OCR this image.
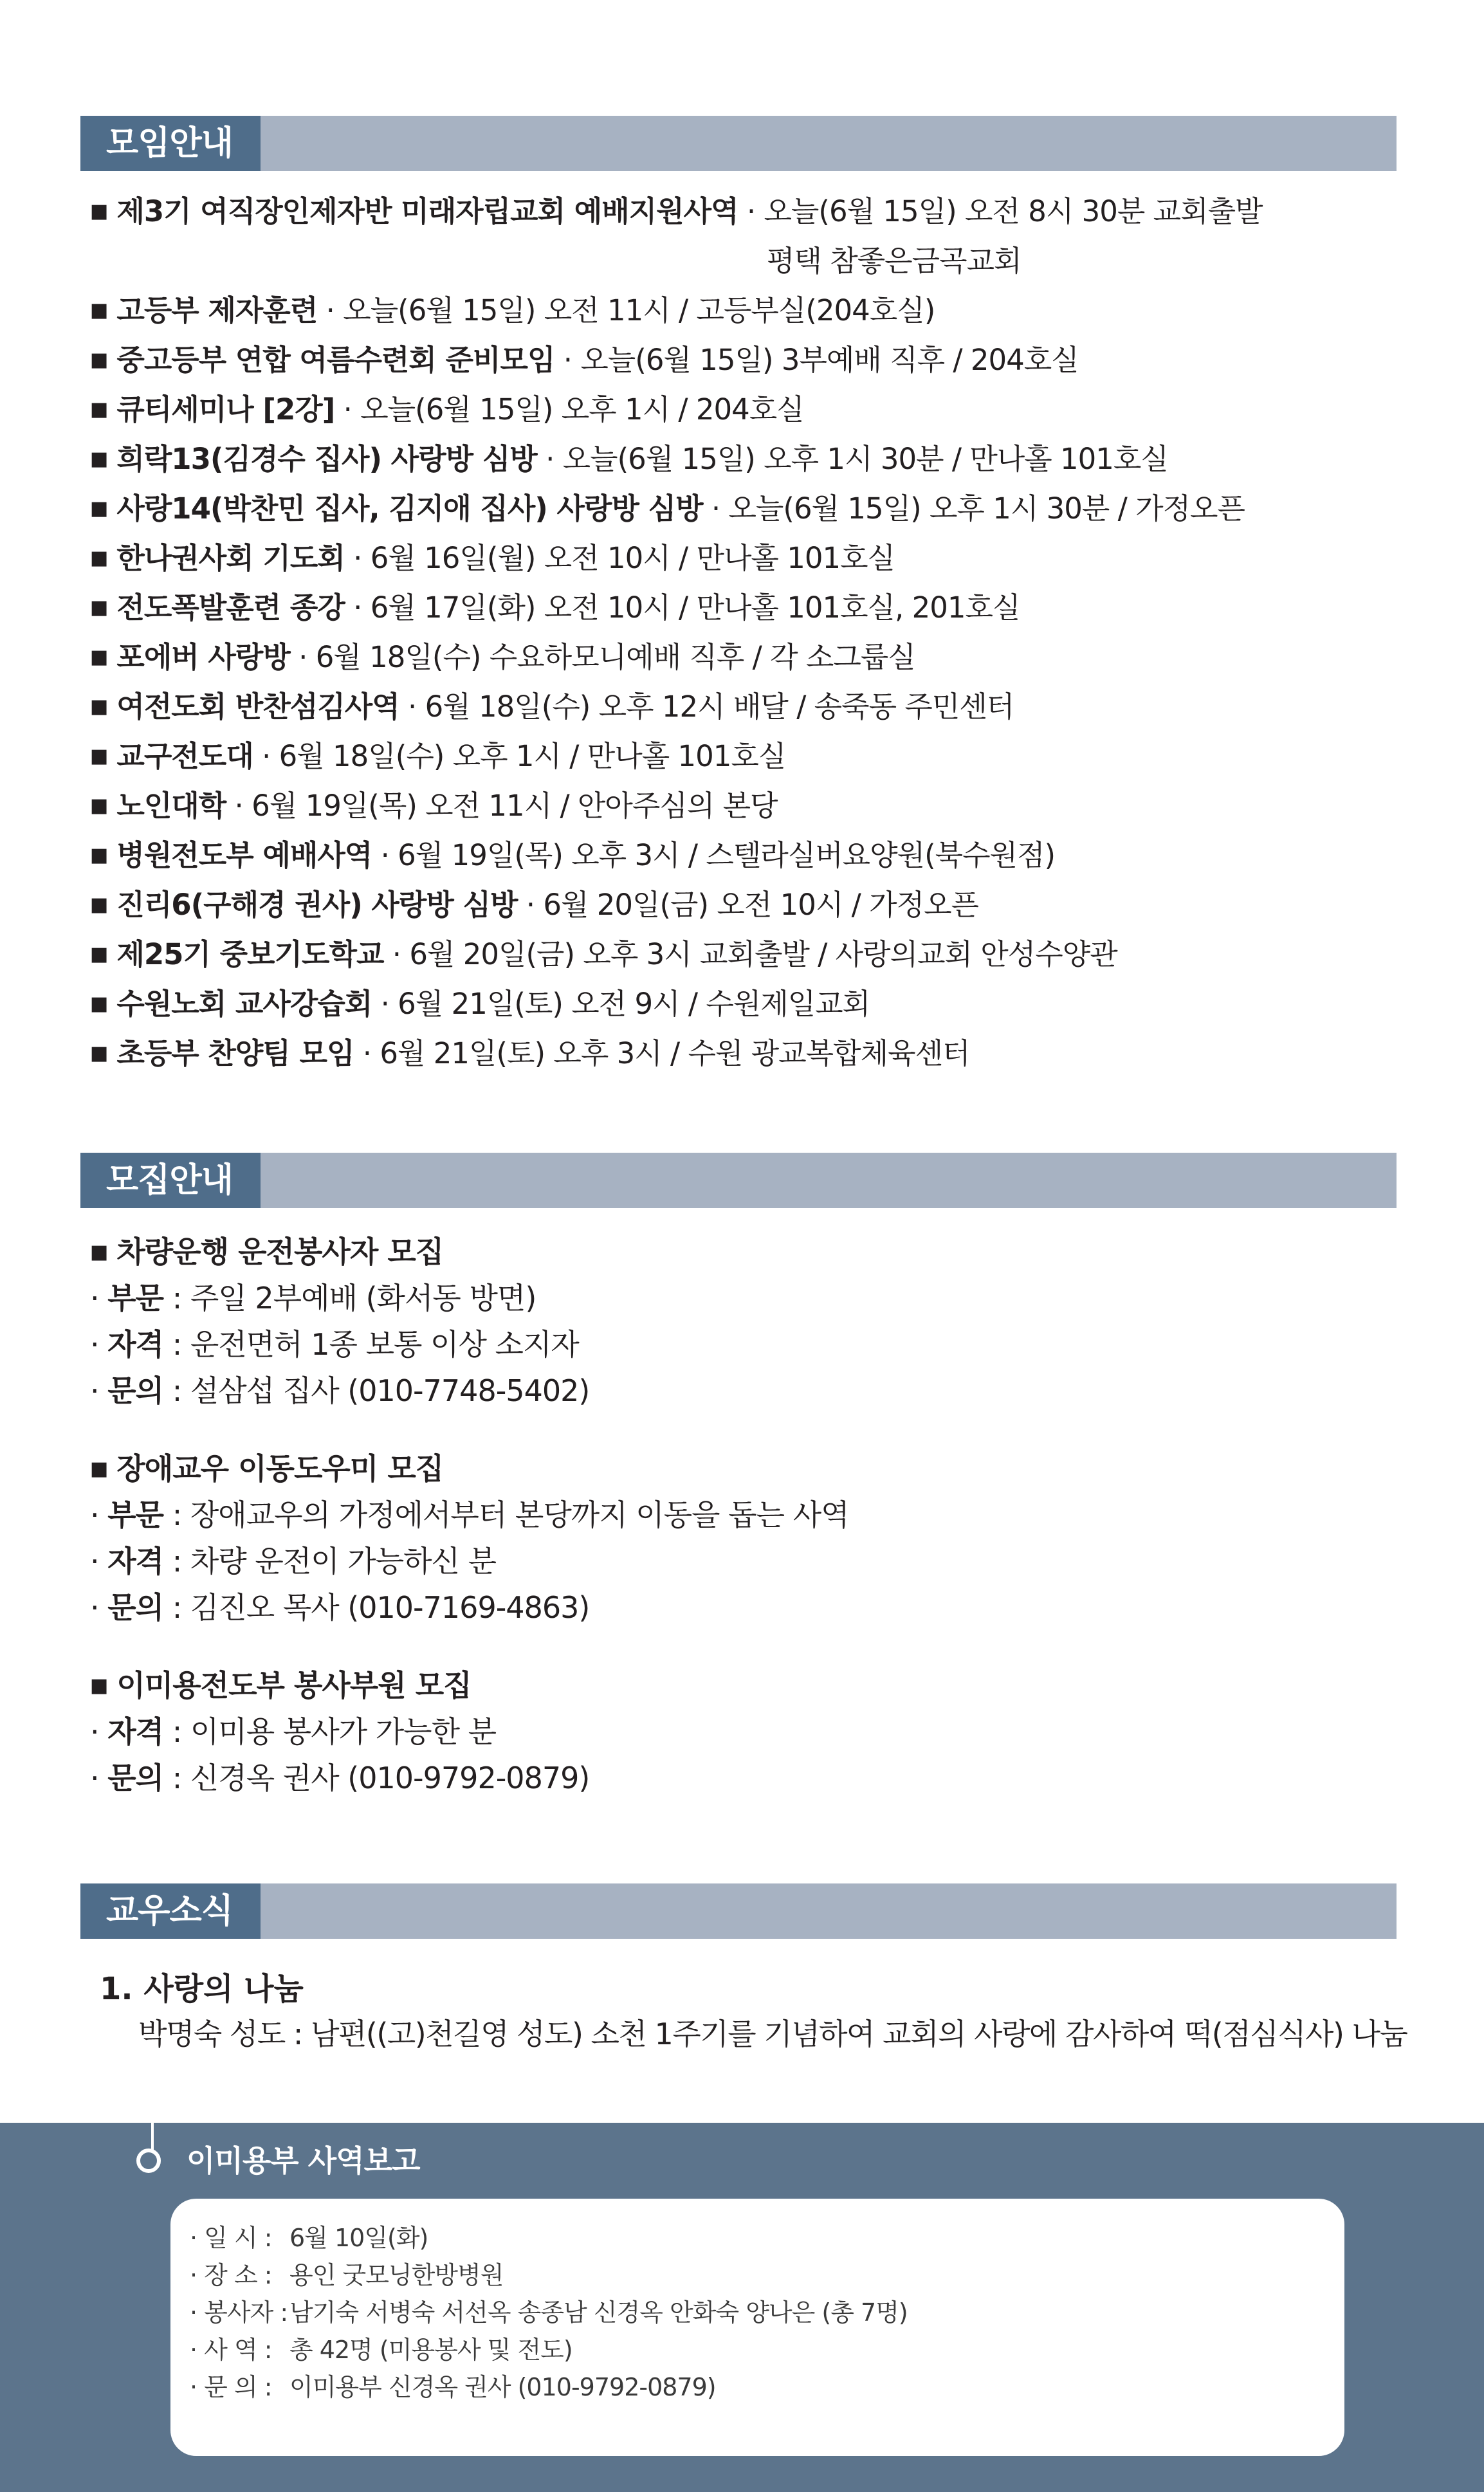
모임안내
■ 제3기 여직장인제자반 미래자립교회 예배지원사역 · 오늘(6월 15일) 오전 8시 30분 교회출발
평택 참좋은금곡교회
■ 고등부 제자훈련 · 오늘(6월 15일) 오전 11시 / 고등부실(204호실)
■ 중고등부 연합 여름수련회 준비모임 · 오늘(6월 15일) 3부예배 직후 / 204호실
■ 큐티세미나 [2강] · 오늘(6월 15일) 오후 1시 / 204호실
■ 희락13(김경수 집사) 사랑방 심방 · 오늘(6월 15일) 오후 1시 30분 / 만나홀 101호실
■ 사랑14(박찬민 집사, 김지애 집사) 사랑방 심방 · 오늘(6월 15일) 오후 1시 30분 / 가정오픈
■ 한나권사회 기도회 · 6월 16일(월) 오전 10시 / 만나홀 101호실
■ 전도폭발훈련 종강 · 6월 17일(화) 오전 10시 / 만나홀 101호실, 201호실
■ 포에버 사랑방 · 6월 18일(수) 수요하모니예배 직후 / 각 소그룹실
■ 여전도회 반찬섬김사역 · 6월 18일(수) 오후 12시 배달 / 송죽동 주민센터
■ 교구전도대 · 6월 18일(수) 오후 1시 / 만나홀 101호실
■ 노인대학 · 6월 19일(목) 오전 11시 / 안아주심의 본당
■ 병원전도부 예배사역 · 6월 19일(목) 오후 3시 / 스텔라실버요양원(북수원점)
■ 진리6(구해경 권사) 사랑방 심방 · 6월 20일(금) 오전 10시 / 가정오픈
■ 제25기 중보기도학교 · 6월 20일(금) 오후 3시 교회출발 / 사랑의교회 안성수양관
■ 수원노회 교사강습회 · 6월 21일(토) 오전 9시 / 수원제일교회
■ 초등부 찬양팀 모임 · 6월 21일(토) 오후 3시 / 수원 광교복합체육센터
모집안내
■ 차량운행 운전봉사자 모집
· 부문 : 주일 2부예배 (화서동 방면)
· 자격 : 운전면허 1종 보통 이상 소지자
· 문의 : 설삼섭 집사 (010-7748-5402)
■ 장애교우 이동도우미 모집
· 부문 : 장애교우의 가정에서부터 본당까지 이동을 돕는 사역
· 자격 : 차량 운전이 가능하신 분
· 문의 : 김진오 목사 (010-7169-4863)
■ 이미용전도부 봉사부원 모집
· 자격 : 이미용 봉사가 가능한 분
· 문의 : 신경옥 권사 (010-9792-0879)
교우소식
1. 사랑의 나눔
박명숙 성도 : 남편((고)천길영 성도) 소천 1주기를 기념하여 교회의 사랑에 감사하여 떡(점심식사) 나눔
이미용부 사역보고
· 일 시 : 6월 10일(화)
· 장 소 : 용인 굿모닝한방병원
· 봉사자 :남기숙 서병숙 서선옥 송종남 신경옥 안화숙 양나은 (총 7명)
· 사 역 : 총 42명 (미용봉사 및 전도)
· 문 의 : 이미용부 신경옥 권사 (010-9792-0879)
